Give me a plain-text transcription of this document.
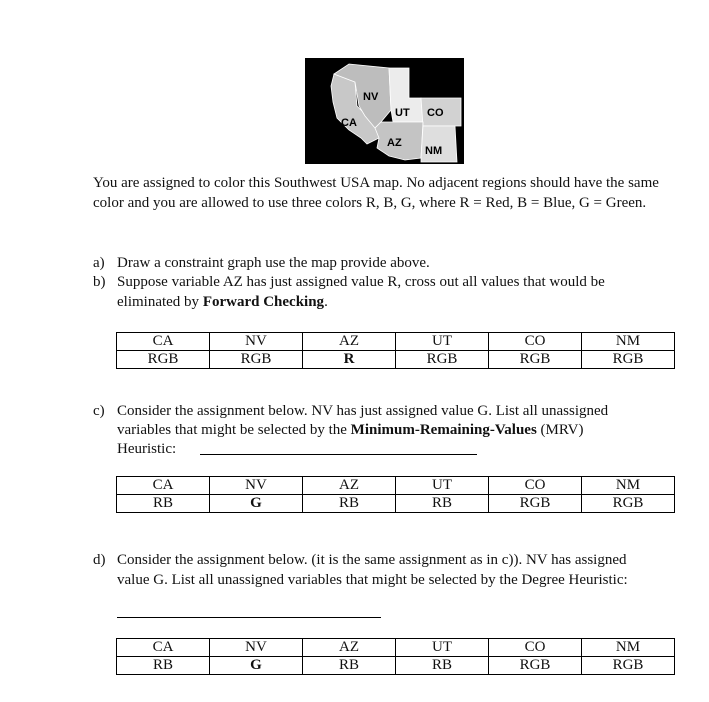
NV
UT CO
CA
AZ
NM

You are assigned to color this Southwest USA map. No adjacent regions should have the same color and you are allowed to use three colors R, B, G, where R = Red, B = Blue, G = Green.

a) Draw a constraint graph use the map provide above.
b) Suppose variable AZ has just assigned value R, cross out all values that would be
eliminated by Forward Checking.
CA	NV	AZ	UT	CO	NM
RGB	RGB	R	RGB	RGB	RGB
c) Consider the assignment below. NV has just assigned value G. List all unassigned
variables that might be selected by the Minimum-Remaining-Values (MRV)
Heuristic:
CA	NV	AZ	UT	CO	NM
RB	G	RB	RB	RGB	RGB
d) Consider the assignment below. (it is the same assignment as in c)). NV has assigned
value G. List all unassigned variables that might be selected by the Degree Heuristic:
CA	NV	AZ	UT	CO	NM
RB	G	RB	RB	RGB	RGB
